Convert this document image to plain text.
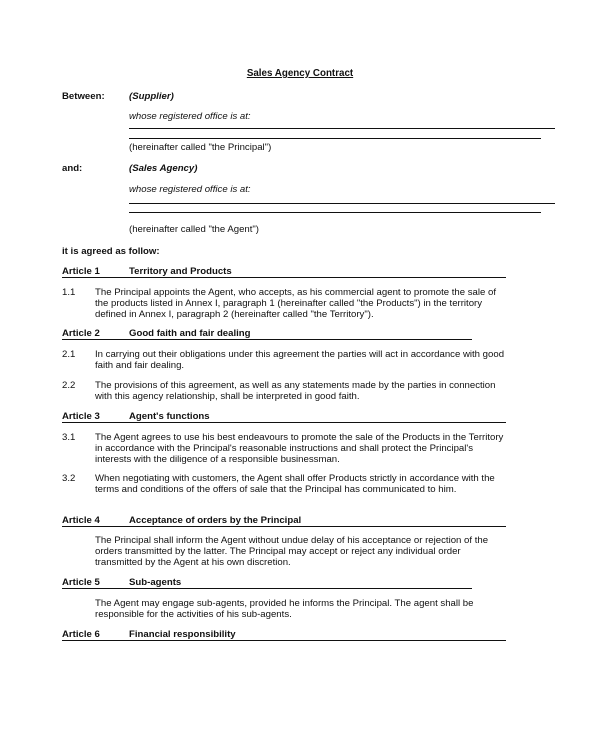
Sales Agency Contract
Between:	(Supplier)
whose registered office is at:
(hereinafter called "the Principal")
and:	(Sales Agency)
whose registered office is at:
(hereinafter called "the Agent")
it is agreed as follow:
Article 1	Territory and Products
1.1 The Principal appoints the Agent, who accepts, as his commercial agent to promote the sale of
the products listed in Annex I, paragraph 1 (hereinafter called "the Products") in the territory
defined in Annex I, paragraph 2 (hereinafter called "the Territory").
Article 2	Good faith and fair dealing
2.1 In carrying out their obligations under this agreement the parties will act in accordance with good
faith and fair dealing.
2.2 The provisions of this agreement, as well as any statements made by the parties in connection
with this agency relationship, shall be interpreted in good faith.
Article 3	Agent's functions
3.1 The Agent agrees to use his best endeavours to promote the sale of the Products in the Territory
in accordance with the Principal's reasonable instructions and shall protect the Principal's
interests with the diligence of a responsible businessman.
3.2 When negotiating with customers, the Agent shall offer Products strictly in accordance with the
terms and conditions of the offers of sale that the Principal has communicated to him.
Article 4	Acceptance of orders by the Principal
The Principal shall inform the Agent without undue delay of his acceptance or rejection of the
orders transmitted by the latter. The Principal may accept or reject any individual order
transmitted by the Agent at his own discretion.
Article 5	Sub-agents
The Agent may engage sub-agents, provided he informs the Principal. The agent shall be
responsible for the activities of his sub-agents.
Article 6	Financial responsibility
